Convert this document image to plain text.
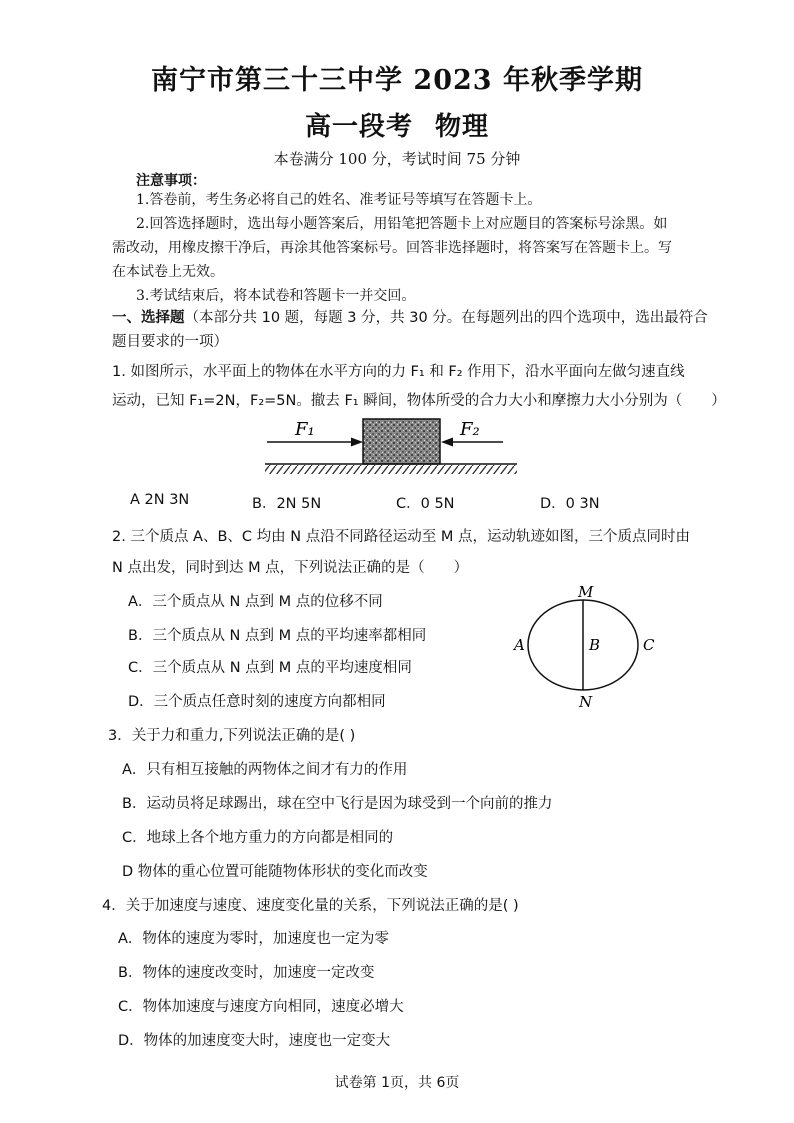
南宁市第三十三中学 2023 年秋季学期
高一段考 物理
本卷满分 100 分，考试时间 75 分钟
注意事项：
1.答卷前，考生务必将自己的姓名、准考证号等填写在答题卡上。
2.回答选择题时，选出每小题答案后，用铅笔把答题卡上对应题目的答案标号涂黑。如
需改动，用橡皮擦干净后，再涂其他答案标号。回答非选择题时，将答案写在答题卡上。写
在本试卷上无效。
3.考试结束后，将本试卷和答题卡一并交回。
一、选择题（本部分共 10 题，每题 3 分，共 30 分。在每题列出的四个选项中，选出最符合
题目要求的一项）
1. 如图所示，水平面上的物体在水平方向的力 F₁ 和 F₂ 作用下，沿水平面向左做匀速直线
运动，已知 F₁=2N，F₂=5N。撤去 F₁ 瞬间，物体所受的合力大小和摩擦力大小分别为（　　）
F₁	F₂
A 2N 3N	B．2N 5N	C．0 5N	D．0 3N
2. 三个质点 A、B、C 均由 N 点沿不同路径运动至 M 点，运动轨迹如图，三个质点同时由
N 点出发，同时到达 M 点，下列说法正确的是（　　）
A．三个质点从 N 点到 M 点的位移不同
B．三个质点从 N 点到 M 点的平均速率都相同
C．三个质点从 N 点到 M 点的平均速度相同
D．三个质点任意时刻的速度方向都相同
M
N
A	B	C
3．关于力和重力,下列说法正确的是( )
A．只有相互接触的两物体之间才有力的作用
B．运动员将足球踢出，球在空中飞行是因为球受到一个向前的推力
C．地球上各个地方重力的方向都是相同的
D 物体的重心位置可能随物体形状的变化而改变
4．关于加速度与速度、速度变化量的关系，下列说法正确的是( )
A．物体的速度为零时，加速度也一定为零
B．物体的速度改变时，加速度一定改变
C．物体加速度与速度方向相同，速度必增大
D．物体的加速度变大时，速度也一定变大
试卷第 1页，共 6页
